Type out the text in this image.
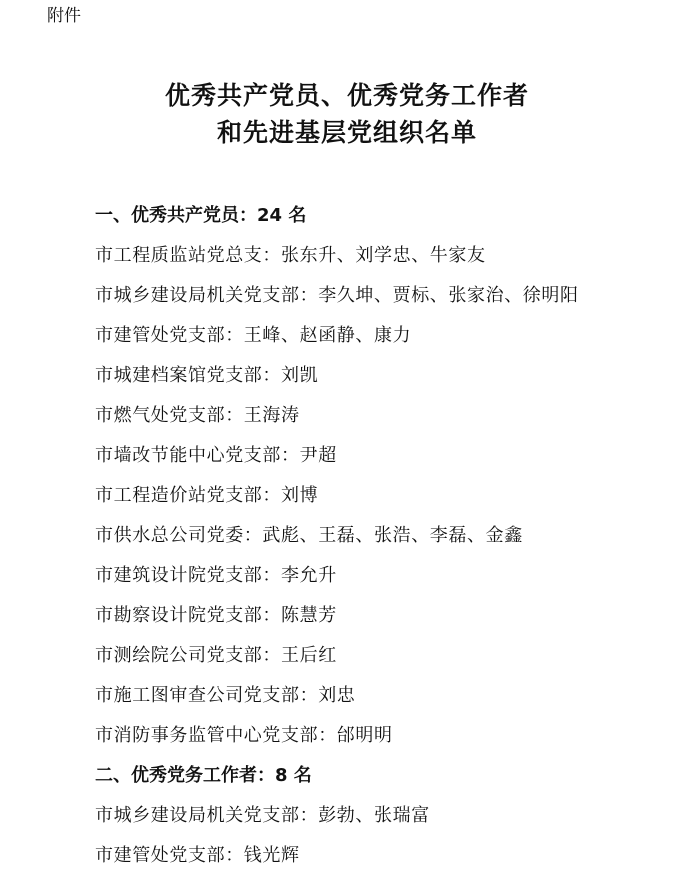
附件
优秀共产党员、优秀党务工作者
和先进基层党组织名单
一、优秀共产党员：24 名
市工程质监站党总支：张东升、刘学忠、牛家友
市城乡建设局机关党支部：李久坤、贾标、张家治、徐明阳
市建管处党支部：王峰、赵函静、康力
市城建档案馆党支部：刘凯
市燃气处党支部：王海涛
市墙改节能中心党支部：尹超
市工程造价站党支部：刘博
市供水总公司党委：武彪、王磊、张浩、李磊、金鑫
市建筑设计院党支部：李允升
市勘察设计院党支部：陈慧芳
市测绘院公司党支部：王后红
市施工图审查公司党支部：刘忠
市消防事务监管中心党支部：邰明明
二、优秀党务工作者：8 名
市城乡建设局机关党支部：彭勃、张瑞富
市建管处党支部：钱光辉
